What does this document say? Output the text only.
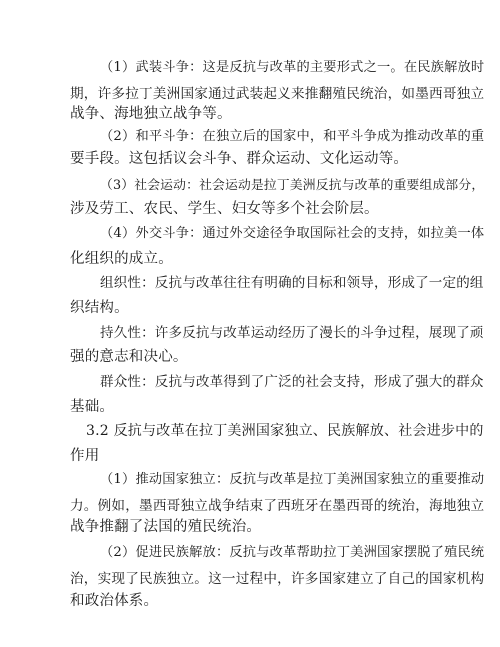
（1）武装斗争：这是反抗与改革的主要形式之一。在民族解放时
期，许多拉丁美洲国家通过武装起义来推翻殖民统治，如墨西哥独立
战争、海地独立战争等。
（2）和平斗争：在独立后的国家中，和平斗争成为推动改革的重
要手段。这包括议会斗争、群众运动、文化运动等。
（3）社会运动：社会运动是拉丁美洲反抗与改革的重要组成部分，
涉及劳工、农民、学生、妇女等多个社会阶层。
（4）外交斗争：通过外交途径争取国际社会的支持，如拉美一体
化组织的成立。
组织性：反抗与改革往往有明确的目标和领导，形成了一定的组
织结构。
持久性：许多反抗与改革运动经历了漫长的斗争过程，展现了顽
强的意志和决心。
群众性：反抗与改革得到了广泛的社会支持，形成了强大的群众
基础。
3.2 反抗与改革在拉丁美洲国家独立、民族解放、社会进步中的
作用
（1）推动国家独立：反抗与改革是拉丁美洲国家独立的重要推动
力。例如，墨西哥独立战争结束了西班牙在墨西哥的统治，海地独立
战争推翻了法国的殖民统治。
（2）促进民族解放：反抗与改革帮助拉丁美洲国家摆脱了殖民统
治，实现了民族独立。这一过程中，许多国家建立了自己的国家机构
和政治体系。
